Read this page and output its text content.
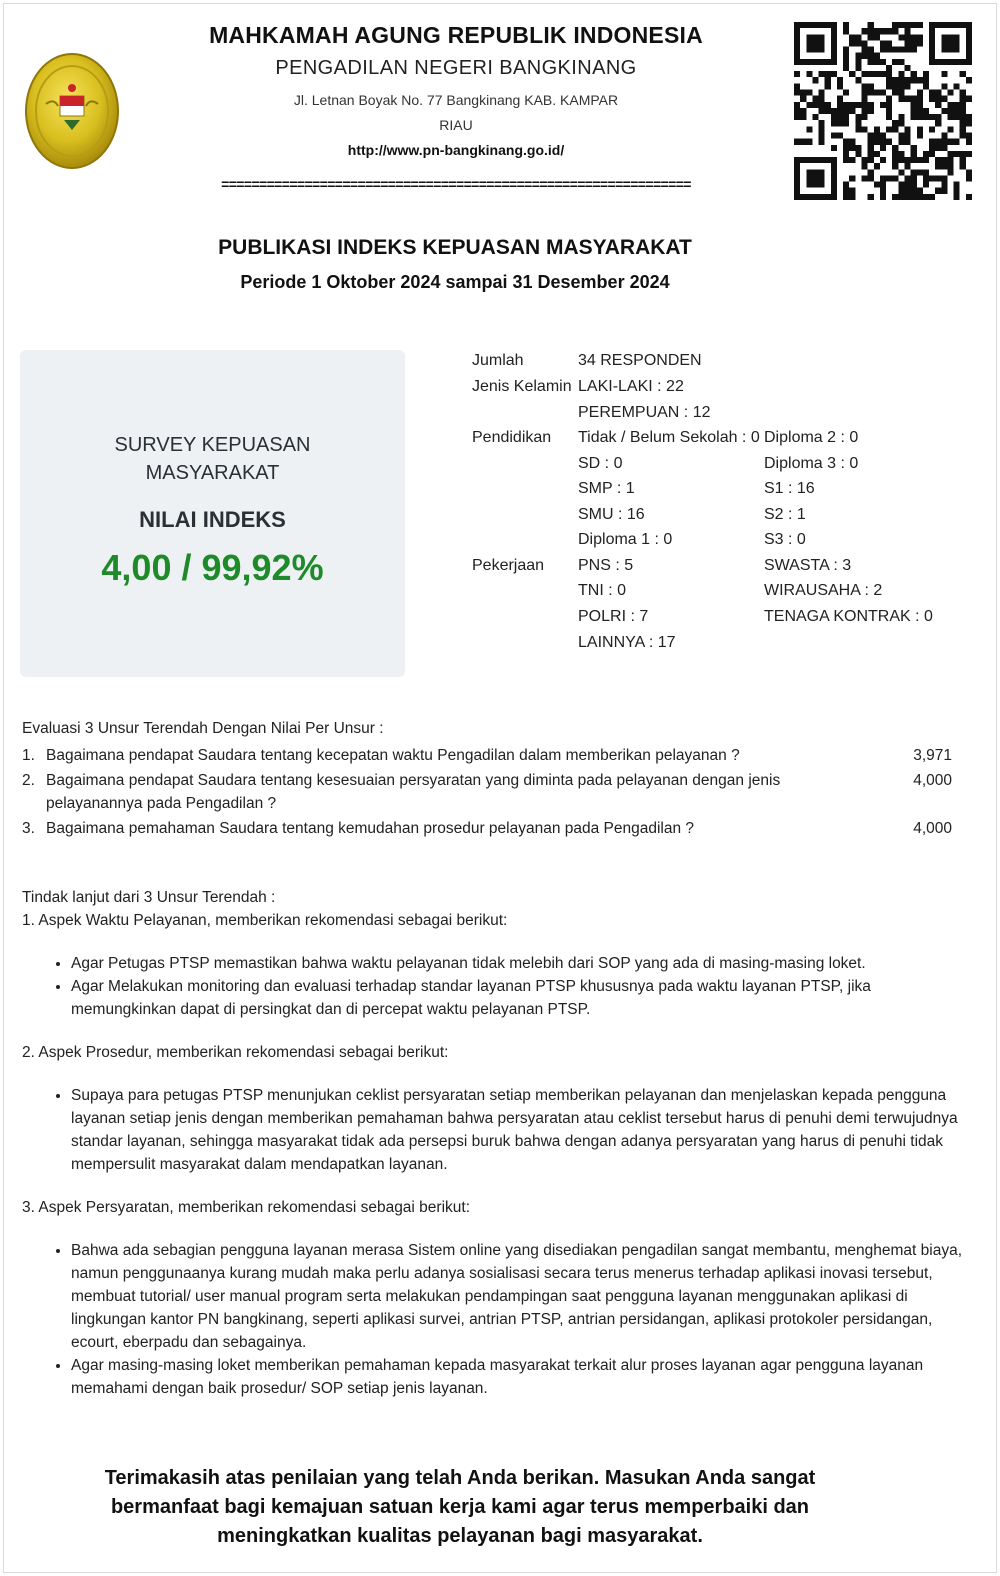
MAHKAMAH AGUNG REPUBLIK INDONESIA
PENGADILAN NEGERI BANGKINANG
Jl. Letnan Boyak No. 77 Bangkinang KAB. KAMPAR
RIAU
http://www.pn-bangkinang.go.id/
==============================================================
PUBLIKASI INDEKS KEPUASAN MASYARAKAT
Periode 1 Oktober 2024 sampai 31 Desember 2024
SURVEY KEPUASAN
MASYARAKAT
NILAI INDEKS
4,00 / 99,92%
Jumlah	34 RESPONDEN
Jenis Kelamin LAKI-LAKI : 22
PEREMPUAN : 12
Pendidikan Tidak / Belum Sekolah : 0 Diploma 2 : 0
SD : 0	Diploma 3 : 0
SMP : 1	S1 : 16
SMU : 16	S2 : 1
Diploma 1 : 0	S3 : 0
Pekerjaan PNS : 5	SWASTA : 3
TNI : 0	WIRAUSAHA : 2
POLRI : 7	TENAGA KONTRAK : 0
LAINNYA : 17
Evaluasi 3 Unsur Terendah Dengan Nilai Per Unsur :
1. Bagaimana pendapat Saudara tentang kecepatan waktu Pengadilan dalam memberikan pelayanan ?	3,971
2. Bagaimana pendapat Saudara tentang kesesuaian persyaratan yang diminta pada pelayanan dengan jenis pelayanannya pada Pengadilan ?
4,000
3. Bagaimana pemahaman Saudara tentang kemudahan prosedur pelayanan pada Pengadilan ?	4,000
Tindak lanjut dari 3 Unsur Terendah :
1. Aspek Waktu Pelayanan, memberikan rekomendasi sebagai berikut:
• Agar Petugas PTSP memastikan bahwa waktu pelayanan tidak melebih dari SOP yang ada di masing-masing loket.
• Agar Melakukan monitoring dan evaluasi terhadap standar layanan PTSP khususnya pada waktu layanan PTSP, jika memungkinkan dapat di persingkat dan di percepat waktu pelayanan PTSP.
2. Aspek Prosedur, memberikan rekomendasi sebagai berikut:
• Supaya para petugas PTSP menunjukan ceklist persyaratan setiap memberikan pelayanan dan menjelaskan kepada pengguna layanan setiap jenis dengan memberikan pemahaman bahwa persyaratan atau ceklist tersebut harus di penuhi demi terwujudnya standar layanan, sehingga masyarakat tidak ada persepsi buruk bahwa dengan adanya persyaratan yang harus di penuhi tidak mempersulit masyarakat dalam mendapatkan layanan.
3. Aspek Persyaratan, memberikan rekomendasi sebagai berikut:
• Bahwa ada sebagian pengguna layanan merasa Sistem online yang disediakan pengadilan sangat membantu, menghemat biaya, namun penggunaanya kurang mudah maka perlu adanya sosialisasi secara terus menerus terhadap aplikasi inovasi tersebut, membuat tutorial/ user manual program serta melakukan pendampingan saat pengguna layanan menggunakan aplikasi di lingkungan kantor PN bangkinang, seperti aplikasi survei, antrian PTSP, antrian persidangan, aplikasi protokoler persidangan, ecourt, eberpadu dan sebagainya.
• Agar masing-masing loket memberikan pemahaman kepada masyarakat terkait alur proses layanan agar pengguna layanan memahami dengan baik prosedur/ SOP setiap jenis layanan.
Terimakasih atas penilaian yang telah Anda berikan. Masukan Anda sangat
bermanfaat bagi kemajuan satuan kerja kami agar terus memperbaiki dan
meningkatkan kualitas pelayanan bagi masyarakat.
